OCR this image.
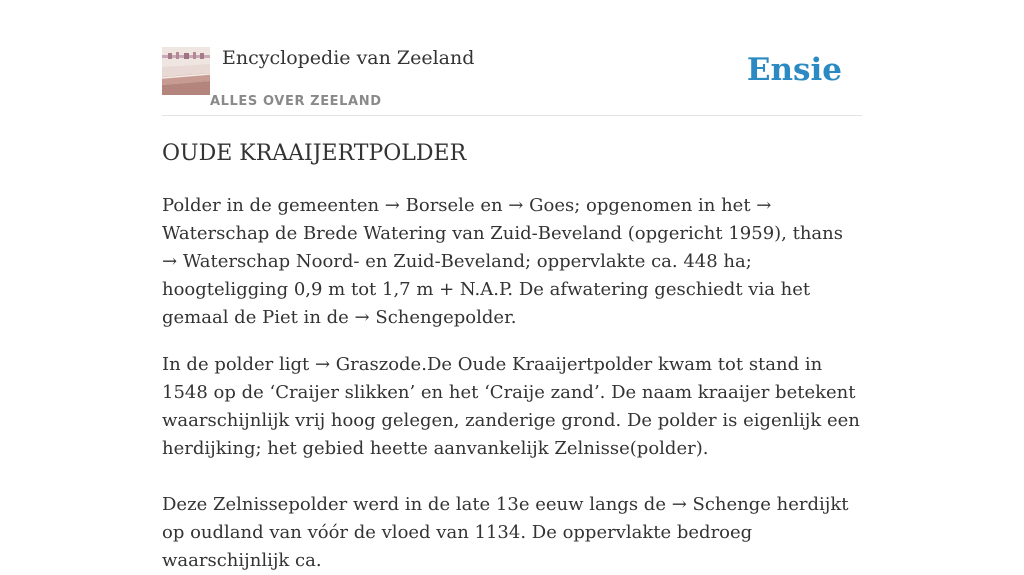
Encyclopedie van Zeeland
ALLES OVER ZEELAND
Ensie
OUDE KRAAIJERTPOLDER

Polder in de gemeenten → Borsele en → Goes; opgenomen in het → Waterschap de Brede Watering van Zuid-Beveland (opgericht 1959), thans → Waterschap Noord- en Zuid-Beveland; oppervlakte ca. 448 ha; hoogteligging 0,9 m tot 1,7 m + N.A.P. De afwatering geschiedt via het gemaal de Piet in de → Schengepolder.

In de polder ligt → Graszode.De Oude Kraaijertpolder kwam tot stand in 1548 op de ‘Craijer slikken’ en het ‘Craije zand’. De naam kraaijer betekent waarschijnlijk vrij hoog gelegen, zanderige grond. De polder is eigenlijk een herdijking; het gebied heette aanvankelijk Zelnisse(polder).

Deze Zelnissepolder werd in de late 13e eeuw langs de → Schenge herdijkt op oudland van vóór de vloed van 1134. De oppervlakte bedroeg waarschijnlijk ca.
